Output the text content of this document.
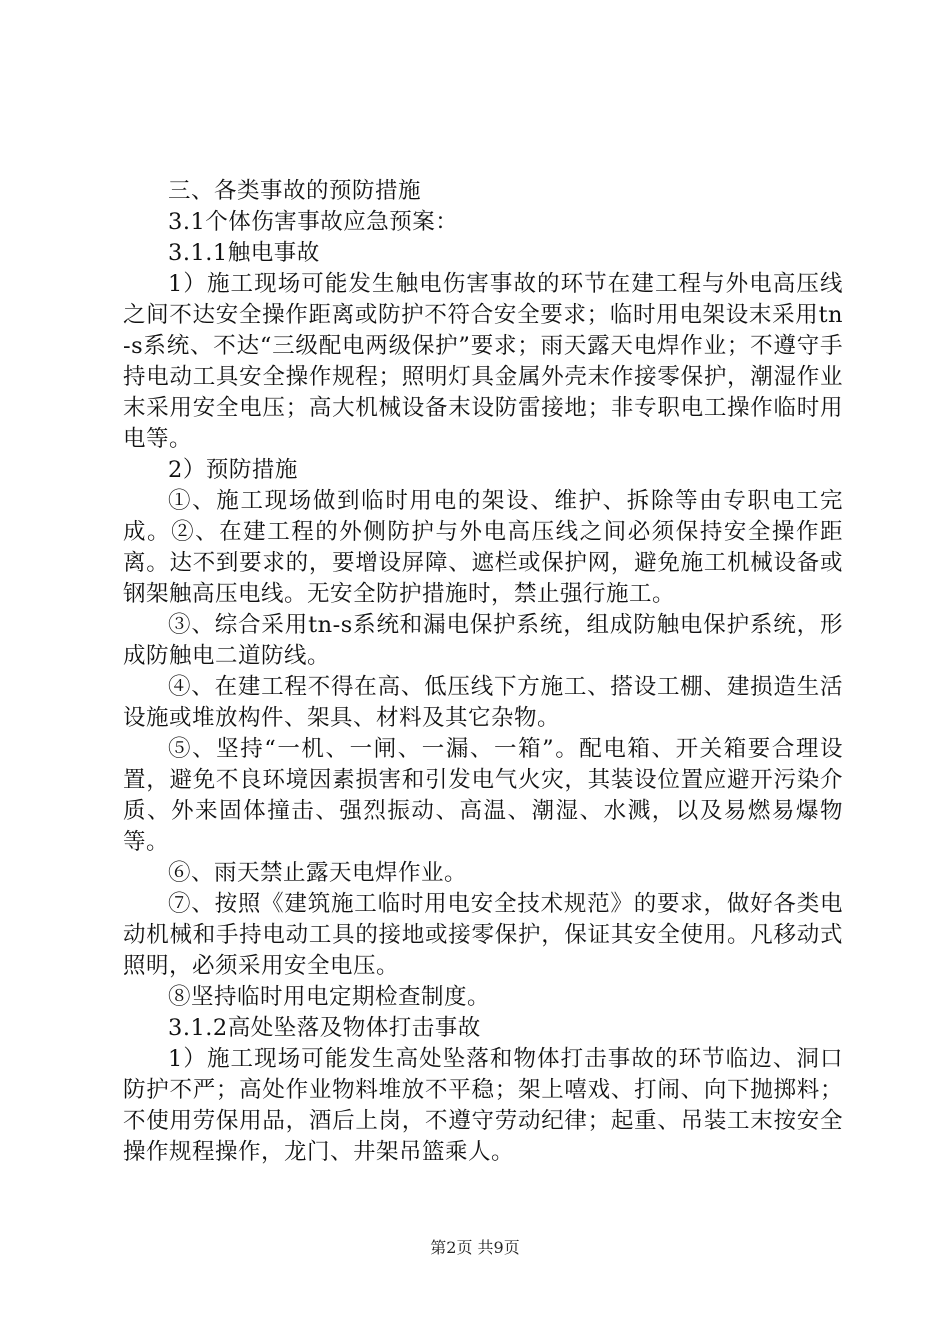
三、各类事故的预防措施

3.1个体伤害事故应急预案：

3.1.1触电事故

1）施工现场可能发生触电伤害事故的环节在建工程与外电高压线之间不达安全操作距离或防护不符合安全要求；临时用电架设末采用tn-s系统、不达“三级配电两级保护”要求；雨天露天电焊作业；不遵守手持电动工具安全操作规程；照明灯具金属外壳末作接零保护，潮湿作业末采用安全电压；高大机械设备末设防雷接地；非专职电工操作临时用电等。

2）预防措施

①、施工现场做到临时用电的架设、维护、拆除等由专职电工完成。②、在建工程的外侧防护与外电高压线之间必须保持安全操作距离。达不到要求的，要增设屏障、遮栏或保护网，避免施工机械设备或钢架触高压电线。无安全防护措施时，禁止强行施工。

③、综合采用tn-s系统和漏电保护系统，组成防触电保护系统，形成防触电二道防线。

④、在建工程不得在高、低压线下方施工、搭设工棚、建损造生活设施或堆放构件、架具、材料及其它杂物。

⑤、坚持“一机、一闸、一漏、一箱”。配电箱、开关箱要合理设置，避免不良环境因素损害和引发电气火灾，其装设位置应避开污染介质、外来固体撞击、强烈振动、高温、潮湿、水溅，以及易燃易爆物等。

⑥、雨天禁止露天电焊作业。

⑦、按照《建筑施工临时用电安全技术规范》的要求，做好各类电动机械和手持电动工具的接地或接零保护，保证其安全使用。凡移动式照明，必须采用安全电压。

⑧坚持临时用电定期检查制度。

3.1.2高处坠落及物体打击事故

1）施工现场可能发生高处坠落和物体打击事故的环节临边、洞口防护不严；高处作业物料堆放不平稳；架上嘻戏、打闹、向下抛掷料；不使用劳保用品，酒后上岗，不遵守劳动纪律；起重、吊装工末按安全操作规程操作，龙门、井架吊篮乘人。

第2页 共9页
